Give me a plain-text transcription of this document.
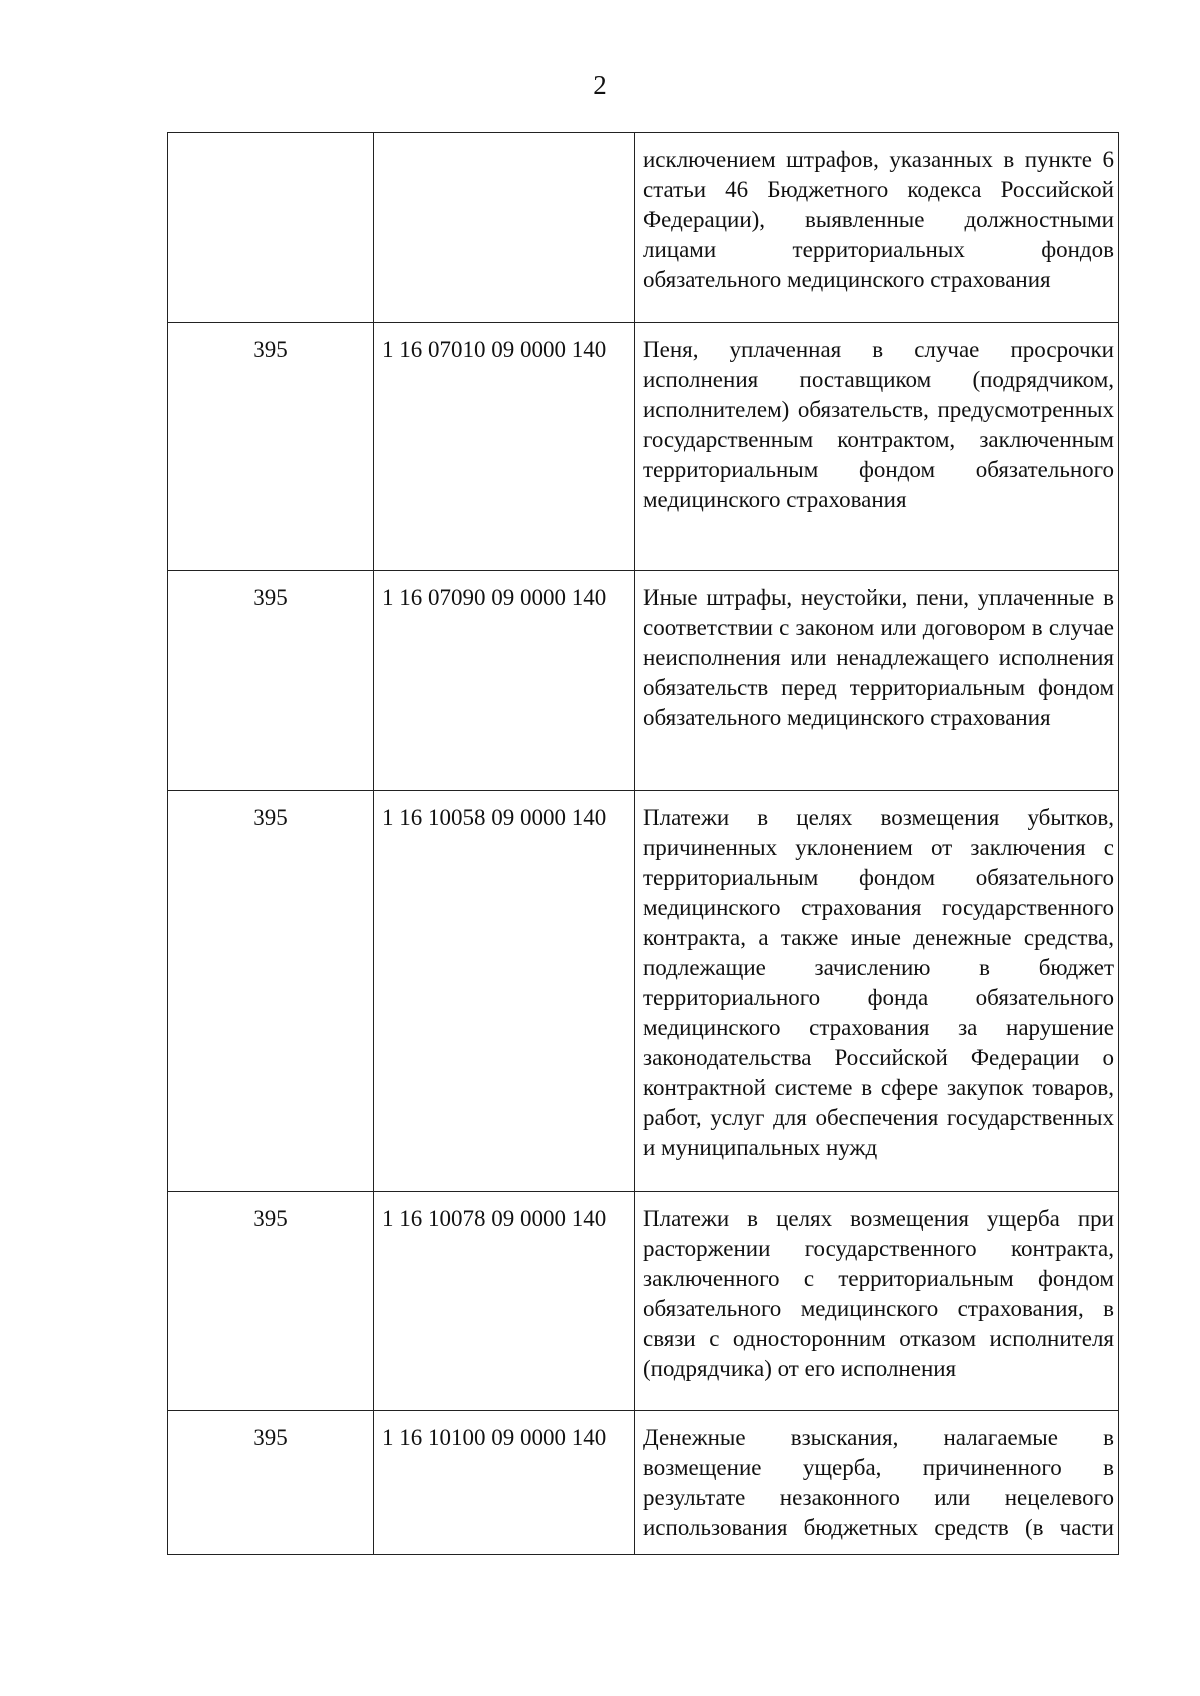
2
		исключением штрафов, указанных в пункте 6 статьи 46 Бюджетного кодекса Российской Федерации), выявленные должностными лицами территориальных фондов обязательного медицинского страхования
395	1 16 07010 09 0000 140	Пеня, уплаченная в случае просрочки исполнения поставщиком (подрядчиком, исполнителем) обязательств, предусмотренных государственным контрактом, заключенным территориальным фондом обязательного медицинского страхования
395	1 16 07090 09 0000 140	Иные штрафы, неустойки, пени, уплаченные в соответствии с законом или договором в случае неисполнения или ненадлежащего исполнения обязательств перед территориальным фондом обязательного медицинского страхования
395	1 16 10058 09 0000 140	Платежи в целях возмещения убытков, причиненных уклонением от заключения с территориальным фондом обязательного медицинского страхования государственного контракта, а также иные денежные средства, подлежащие зачислению в бюджет территориального фонда обязательного медицинского страхования за нарушение законодательства Российской Федерации о контрактной системе в сфере закупок товаров, работ, услуг для обеспечения государственных и муниципальных нужд
395	1 16 10078 09 0000 140	Платежи в целях возмещения ущерба при расторжении государственного контракта, заключенного с территориальным фондом обязательного медицинского страхования, в связи с односторонним отказом исполнителя (подрядчика) от его исполнения
395	1 16 10100 09 0000 140	Денежные взыскания, налагаемые в возмещение ущерба, причиненного в результате незаконного или нецелевого использования бюджетных средств (в части
